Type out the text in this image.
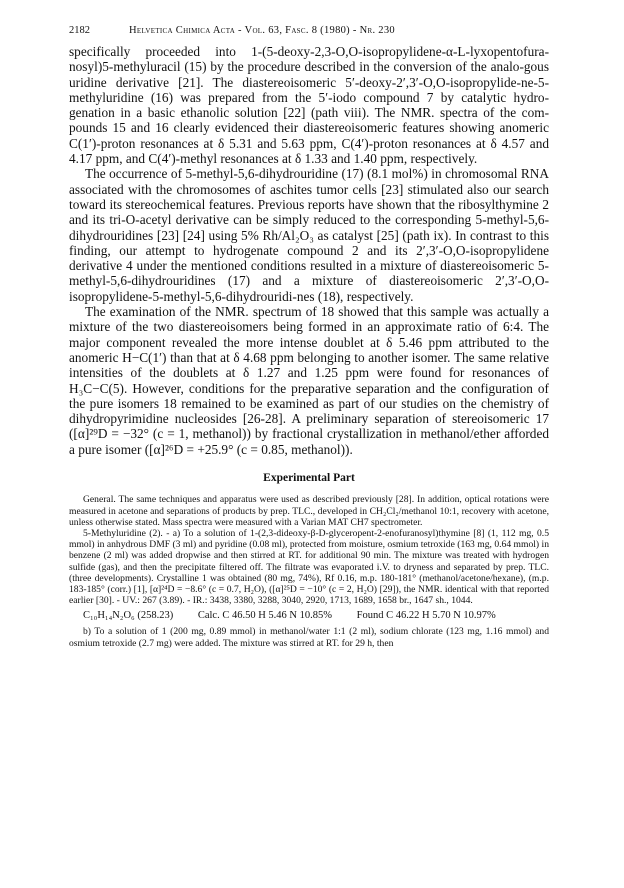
2182	Helvetica Chimica Acta - Vol. 63, Fasc. 8 (1980) - Nr. 230

specifically proceeded into 1-(5-deoxy-2,3-O,O-isopropylidene-α-L-lyxopentofura-nosyl)5-methyluracil (15) by the procedure described in the conversion of the analo-gous uridine derivative [21]. The diastereoisomeric 5′-deoxy-2′,3′-O,O-isopropylide-ne-5-methyluridine (16) was prepared from the 5′-iodo compound 7 by catalytic hydro-genation in a basic ethanolic solution [22] (path viii). The NMR. spectra of the com-pounds 15 and 16 clearly evidenced their diastereoisomeric features showing anomeric C(1′)-proton resonances at δ 5.31 and 5.63 ppm, C(4′)-proton resonances at δ 4.57 and 4.17 ppm, and C(4′)-methyl resonances at δ 1.33 and 1.40 ppm, respectively.

The occurrence of 5-methyl-5,6-dihydrouridine (17) (8.1 mol%) in chromosomal RNA associated with the chromosomes of aschites tumor cells [23] stimulated also our search toward its stereochemical features. Previous reports have shown that the ribosylthymine 2 and its tri-O-acetyl derivative can be simply reduced to the corresponding 5-methyl-5,6-dihydrouridines [23] [24] using 5% Rh/Al₂O₃ as catalyst [25] (path ix). In contrast to this finding, our attempt to hydrogenate compound 2 and its 2′,3′-O,O-isopropylidene derivative 4 under the mentioned conditions resulted in a mixture of diastereoisomeric 5-methyl-5,6-dihydrouridines (17) and a mixture of diastereoisomeric 2′,3′-O,O-isopropylidene-5-methyl-5,6-dihydrouridi-nes (18), respectively.

The examination of the NMR. spectrum of 18 showed that this sample was actually a mixture of the two diastereoisomers being formed in an approximate ratio of 6:4. The major component revealed the more intense doublet at δ 5.46 ppm attributed to the anomeric H−C(1′) than that at δ 4.68 ppm belonging to another isomer. The same relative intensities of the doublets at δ 1.27 and 1.25 ppm were found for resonances of H₃C−C(5). However, conditions for the preparative separation and the configuration of the pure isomers 18 remained to be examined as part of our studies on the chemistry of dihydropyrimidine nucleosides [26-28]. A preliminary separation of stereoisomeric 17 ([α]²⁹D = −32° (c = 1, methanol)) by fractional crystallization in methanol/ether afforded a pure isomer ([α]²⁶D = +25.9° (c = 0.85, methanol)).

Experimental Part

General. The same techniques and apparatus were used as described previously [28]. In addition, optical rotations were measured in acetone and separations of products by prep. TLC., developed in CH₂Cl₂/methanol 10:1, recovery with acetone, unless otherwise stated. Mass spectra were measured with a Varian MAT CH7 spectrometer.

5-Methyluridine (2). - a) To a solution of 1-(2,3-dideoxy-β-D-glyceropent-2-enofuranosyl)thymine [8] (1, 112 mg, 0.5 mmol) in anhydrous DMF (3 ml) and pyridine (0.08 ml), protected from moisture, osmium tetroxide (163 mg, 0.64 mmol) in benzene (2 ml) was added dropwise and then stirred at RT. for additional 90 min. The mixture was treated with hydrogen sulfide (gas), and then the precipitate filtered off. The filtrate was evaporated i.V. to dryness and separated by prep. TLC. (three developments). Crystalline 1 was obtained (80 mg, 74%), Rf 0.16, m.p. 180-181° (methanol/acetone/hexane), (m.p. 183-185° (corr.) [1], [α]²⁴D = −8.6° (c = 0.7, H₂O), ([α]²⁵D = −10° (c = 2, H₂O) [29]), the NMR. identical with that reported earlier [30]. - UV.: 267 (3.89). - IR.: 3438, 3380, 3288, 3040, 2920, 1713, 1689, 1658 br., 1647 sh., 1044.

C₁₀H₁₄N₂O₆ (258.23) Calc. C 46.50 H 5.46 N 10.85% Found C 46.22 H 5.70 N 10.97%

b) To a solution of 1 (200 mg, 0.89 mmol) in methanol/water 1:1 (2 ml), sodium chlorate (123 mg, 1.16 mmol) and osmium tetroxide (2.7 mg) were added. The mixture was stirred at RT. for 29 h, then
